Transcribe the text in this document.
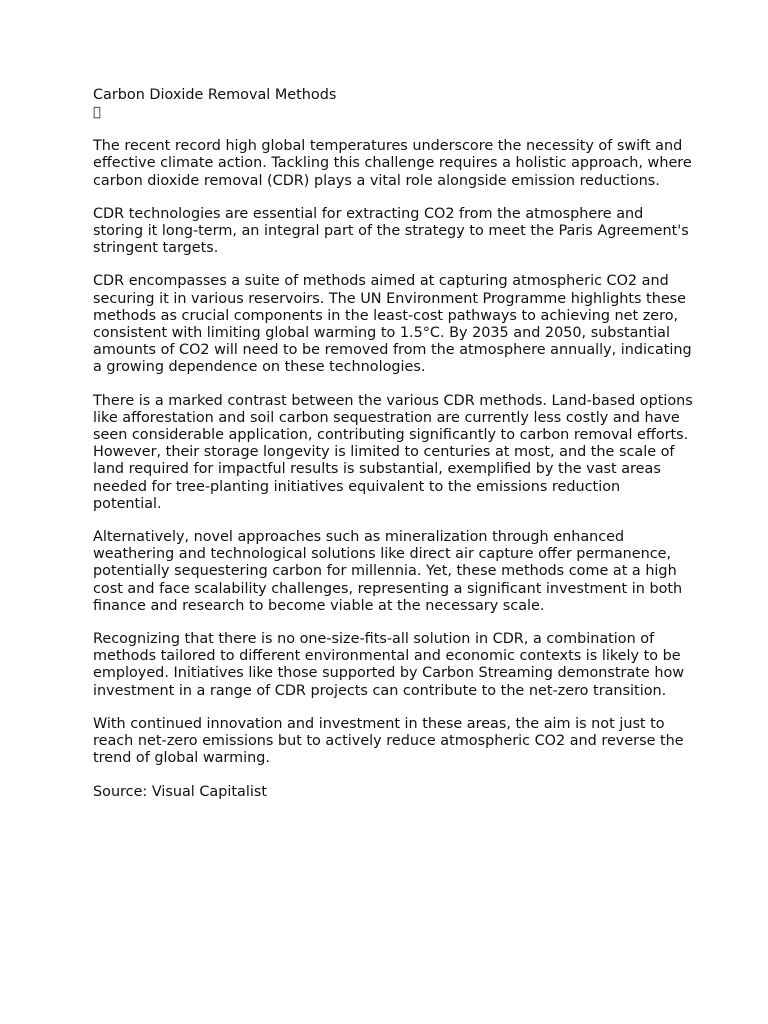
Carbon Dioxide Removal Methods
􏰀

The recent record high global temperatures underscore the necessity of swift and effective climate action. Tackling this challenge requires a holistic approach, where carbon dioxide removal (CDR) plays a vital role alongside emission reductions.

CDR technologies are essential for extracting CO2 from the atmosphere and storing it long-term, an integral part of the strategy to meet the Paris Agreement's stringent targets.

CDR encompasses a suite of methods aimed at capturing atmospheric CO2 and securing it in various reservoirs. The UN Environment Programme highlights these methods as crucial components in the least-cost pathways to achieving net zero, consistent with limiting global warming to 1.5°C. By 2035 and 2050, substantial amounts of CO2 will need to be removed from the atmosphere annually, indicating a growing dependence on these technologies.

There is a marked contrast between the various CDR methods. Land-based options like afforestation and soil carbon sequestration are currently less costly and have seen considerable application, contributing significantly to carbon removal efforts. However, their storage longevity is limited to centuries at most, and the scale of land required for impactful results is substantial, exemplified by the vast areas needed for tree-planting initiatives equivalent to the emissions reduction potential.

Alternatively, novel approaches such as mineralization through enhanced weathering and technological solutions like direct air capture offer permanence, potentially sequestering carbon for millennia. Yet, these methods come at a high cost and face scalability challenges, representing a significant investment in both finance and research to become viable at the necessary scale.

Recognizing that there is no one-size-fits-all solution in CDR, a combination of methods tailored to different environmental and economic contexts is likely to be employed. Initiatives like those supported by Carbon Streaming demonstrate how investment in a range of CDR projects can contribute to the net-zero transition.

With continued innovation and investment in these areas, the aim is not just to reach net-zero emissions but to actively reduce atmospheric CO2 and reverse the trend of global warming.

Source: Visual Capitalist
